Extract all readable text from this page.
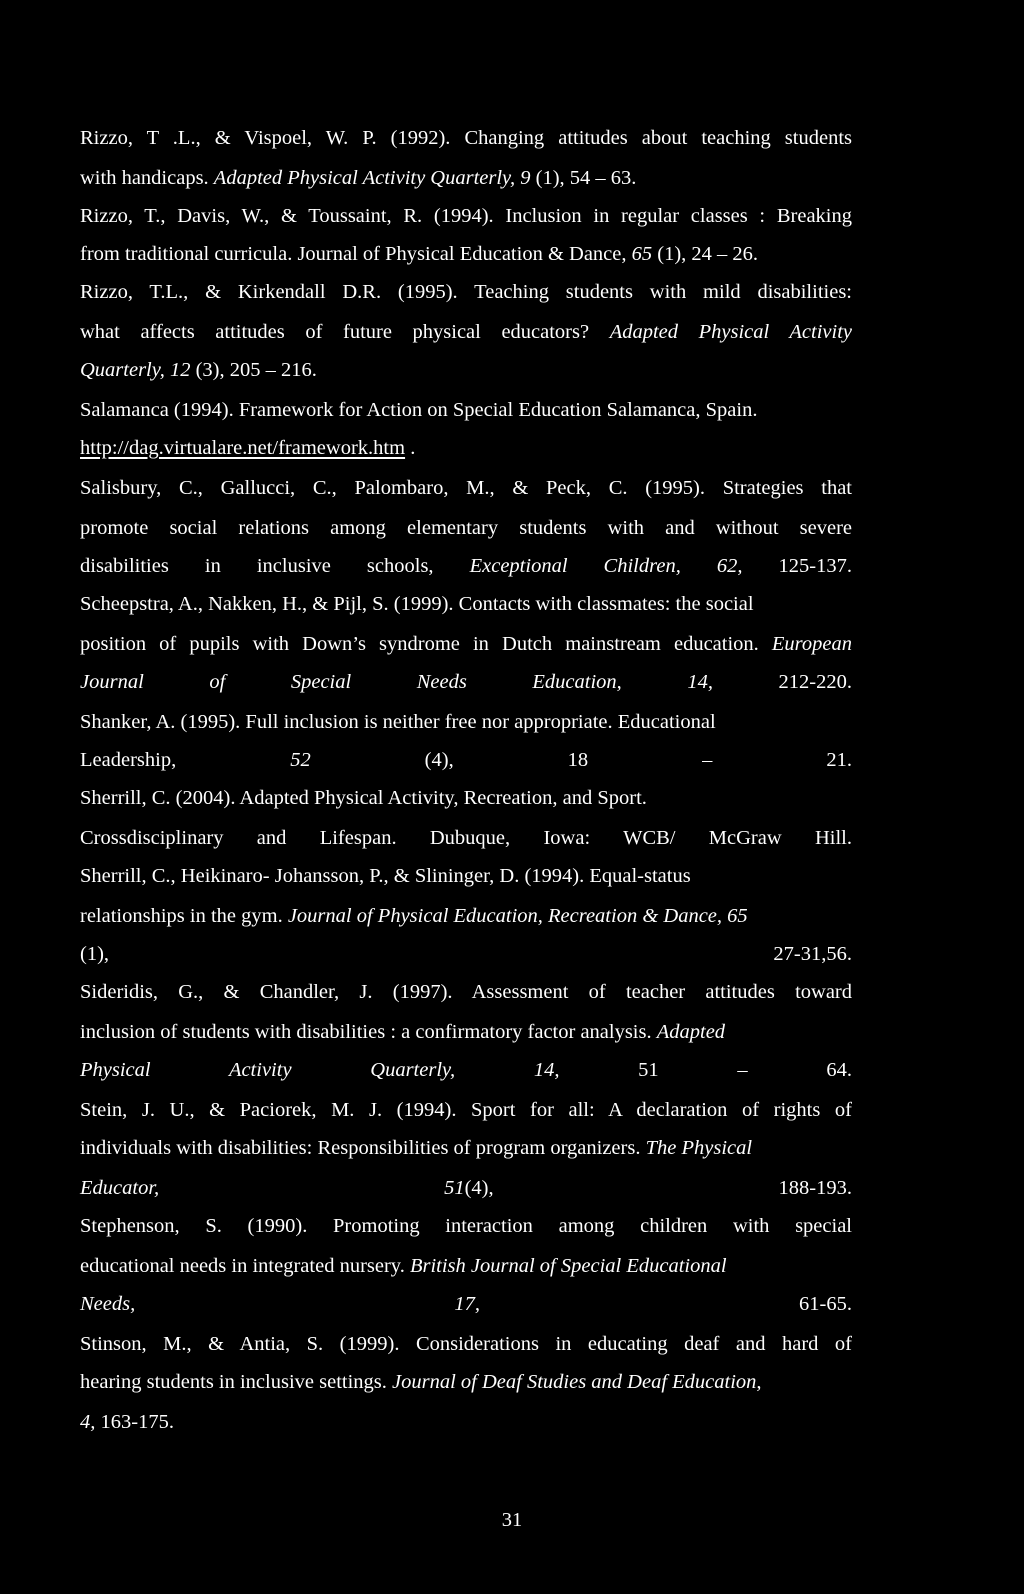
Rizzo, T .L., & Vispoel, W. P. (1992). Changing attitudes about teaching students
with handicaps. Adapted Physical Activity Quarterly, 9 (1), 54 – 63.
Rizzo, T., Davis, W., & Toussaint, R. (1994). Inclusion in regular classes : Breaking
from traditional curricula. Journal of Physical Education & Dance, 65 (1), 24 – 26.
Rizzo, T.L., & Kirkendall D.R. (1995). Teaching students with mild disabilities:
what affects attitudes of future physical educators? Adapted Physical Activity
Quarterly, 12 (3), 205 – 216.
Salamanca (1994). Framework for Action on Special Education Salamanca, Spain.
http://dag.virtualare.net/framework.htm .
Salisbury, C., Gallucci, C., Palombaro, M., & Peck, C. (1995). Strategies that
promote social relations among elementary students with and without severe
disabilities in inclusive schools, Exceptional Children, 62, 125-137.
Scheepstra, A., Nakken, H., & Pijl, S. (1999). Contacts with classmates: the social
position of pupils with Down’s syndrome in Dutch mainstream education. European
Journal of Special Needs Education, 14, 212-220.
Shanker, A. (1995). Full inclusion is neither free nor appropriate. Educational
Leadership, 52 (4), 18 – 21.
Sherrill, C. (2004). Adapted Physical Activity, Recreation, and Sport.
Crossdisciplinary and Lifespan. Dubuque, Iowa: WCB/ McGraw Hill.
Sherrill, C., Heikinaro- Johansson, P., & Slininger, D. (1994). Equal-status
relationships in the gym. Journal of Physical Education, Recreation & Dance, 65
(1), 27-31,56.
Sideridis, G., & Chandler, J. (1997). Assessment of teacher attitudes toward
inclusion of students with disabilities : a confirmatory factor analysis. Adapted
Physical Activity Quarterly, 14, 51 – 64.
Stein, J. U., & Paciorek, M. J. (1994). Sport for all: A declaration of rights of
individuals with disabilities: Responsibilities of program organizers. The Physical
Educator, 51(4), 188-193.
Stephenson, S. (1990). Promoting interaction among children with special
educational needs in integrated nursery. British Journal of Special Educational
Needs, 17, 61-65.
Stinson, M., & Antia, S. (1999). Considerations in educating deaf and hard of
hearing students in inclusive settings. Journal of Deaf Studies and Deaf Education,
4, 163-175.
31
